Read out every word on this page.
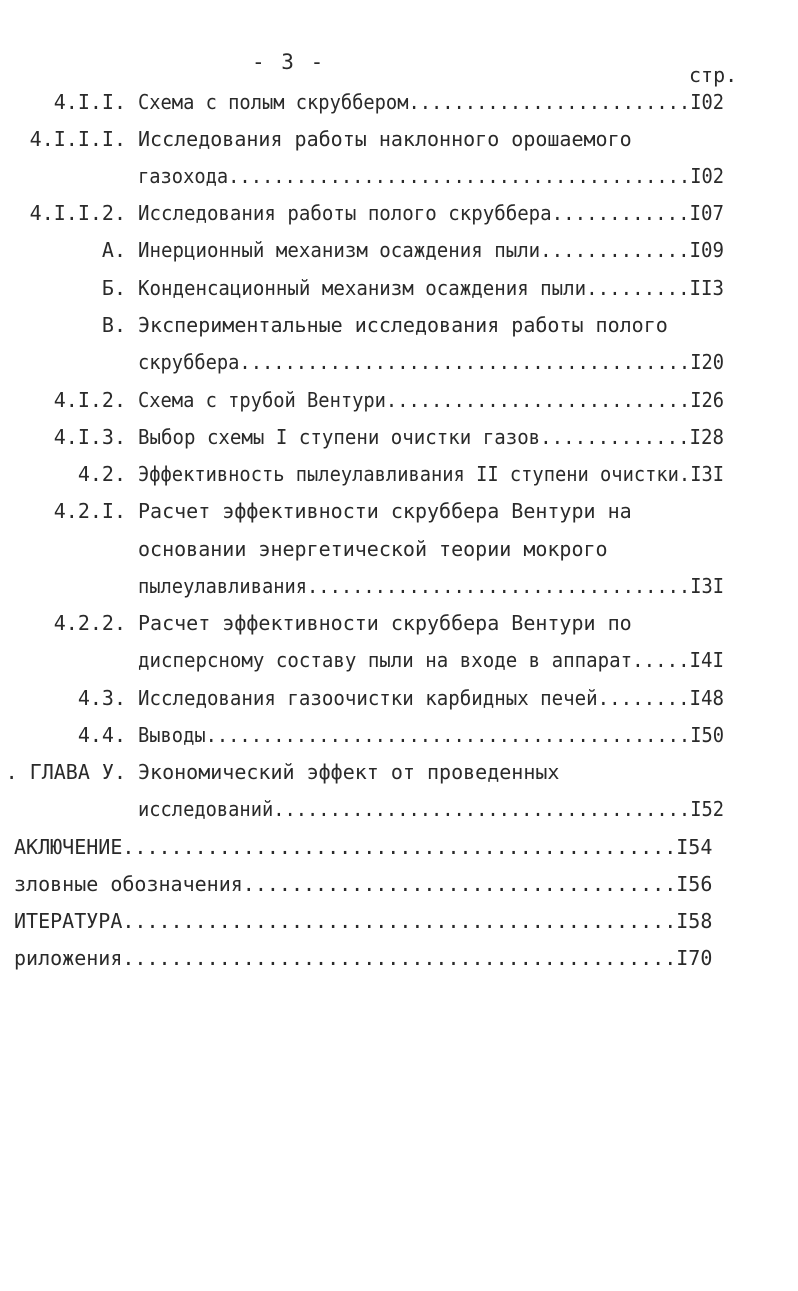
- 3 -
стр.
4.I.I. Схема с полым скруббером.........................I02
4.I.I.I. Исследования работы наклонного орошаемого
газохода.........................................I02
4.I.I.2. Исследования работы полого скруббера............I07
А. Инерционный механизм осаждения пыли.............I09
Б. Конденсационный механизм осаждения пыли.........II3
В. Экспериментальные исследования работы полого
скруббера........................................I20
4.I.2. Схема с трубой Вентури...........................I26
4.I.3. Выбор схемы I ступени очистки газов.............I28
4.2. Эффективность пылеулавливания II ступени очистки.I3I
4.2.I. Расчет эффективности скруббера Вентури на
основании энергетической теории мокрого
пылеулавливания..................................I3I
4.2.2. Расчет эффективности скруббера Вентури по
дисперсному составу пыли на входе в аппарат.....I4I
4.3. Исследования газоочистки карбидных печей........I48
4.4. Выводы...........................................I50
. ГЛАВА У. Экономический эффект от проведенных
исследований.....................................I52
АКЛЮЧЕНИЕ..............................................I54
зловные обозначения....................................I56
ИТЕРАТУРА..............................................I58
риложения..............................................I70
